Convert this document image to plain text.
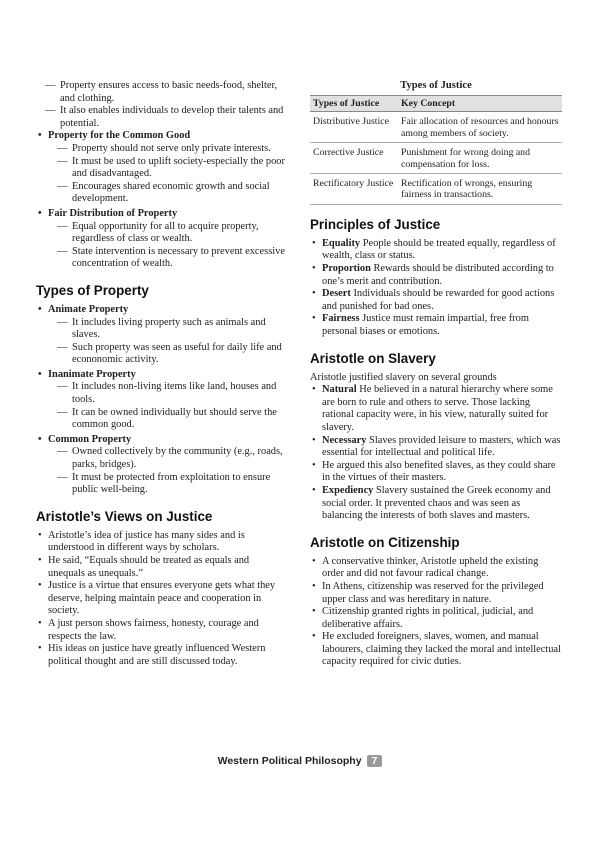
— Property ensures access to basic needs-food, shelter, and clothing.
— It also enables individuals to develop their talents and potential.
• Property for the Common Good
— Property should not serve only private interests.
— It must be used to uplift society-especially the poor and disadvantaged.
— Encourages shared economic growth and social development.
• Fair Distribution of Property
— Equal opportunity for all to acquire property, regardless of class or wealth.
— State intervention is necessary to prevent excessive concentration of wealth.
Types of Property
• Animate Property
— It includes living property such as animals and slaves.
— Such property was seen as useful for daily life and econonomic activity.
• Inanimate Property
— It includes non-living items like land, houses and tools.
— It can be owned individually but should serve the common good.
• Common Property
— Owned collectively by the community (e.g., roads, parks, bridges).
— It must be protected from exploitation to ensure public well-being.
Aristotle’s Views on Justice
• Aristotle’s idea of justice has many sides and is understood in different ways by scholars.
• He said, “Equals should be treated as equals and unequals as unequals.”
• Justice is a virtue that ensures everyone gets what they deserve, helping maintain peace and cooperation in society.
• A just person shows fairness, honesty, courage and respects the law.
• His ideas on justice have greatly influenced Western political thought and are still discussed today.

Types of Justice

Types of Justice	Key Concept
Distributive Justice	Fair allocation of resources and honours among members of society.
Corrective Justice	Punishment for wrong doing and compensation for loss.
Rectificatory Justice	Rectification of wrongs, ensuring fairness in transactions.
Principles of Justice
• Equality People should be treated equally, regardless of wealth, class or status.
• Proportion Rewards should be distributed according to one’s merit and contribution.
• Desert Individuals should be rewarded for good actions and punished for bad ones.
• Fairness Justice must remain impartial, free from personal biases or emotions.
Aristotle on Slavery

Aristotle justified slavery on several grounds

• Natural He believed in a natural hierarchy where some are born to rule and others to serve. Those lacking rational capacity were, in his view, naturally suited for slavery.
• Necessary Slaves provided leisure to masters, which was essential for intellectual and political life.
• He argued this also benefited slaves, as they could share in the virtues of their masters.
• Expediency Slavery sustained the Greek economy and social order. It prevented chaos and was seen as balancing the interests of both slaves and masters.
Aristotle on Citizenship
• A conservative thinker, Aristotle upheld the existing order and did not favour radical change.
• In Athens, citizenship was reserved for the privileged upper class and was hereditary in nature.
• Citizenship granted rights in political, judicial, and deliberative affairs.
• He excluded foreigners, slaves, women, and manual labourers, claiming they lacked the moral and intellectual capacity required for civic duties.
Western Political Philosophy 7
